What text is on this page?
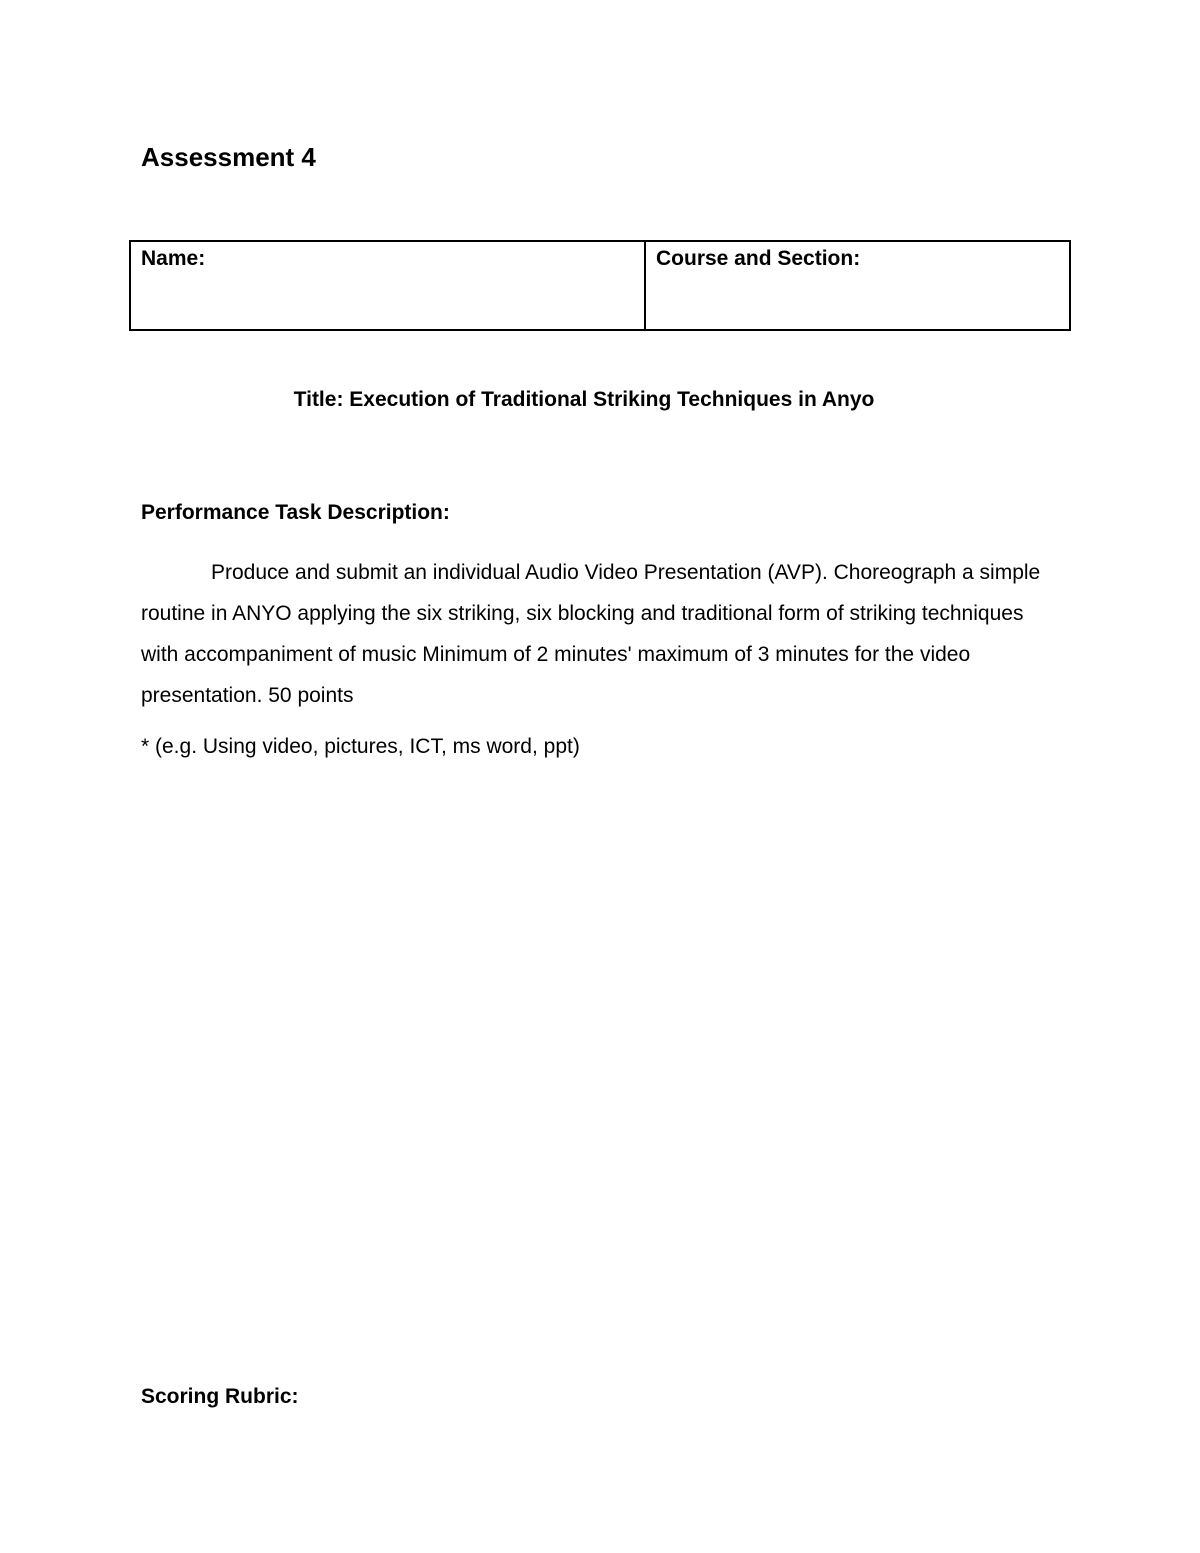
Assessment 4
Name:	Course and Section:

Title: Execution of Traditional Striking Techniques in Anyo

Performance Task Description:

Produce and submit an individual Audio Video Presentation (AVP). Choreograph a simple routine in ANYO applying the six striking, six blocking and traditional form of striking techniques with accompaniment of music Minimum of 2 minutes' maximum of 3 minutes for the video presentation. 50 points

* (e.g. Using video, pictures, ICT, ms word, ppt)

Scoring Rubric:
